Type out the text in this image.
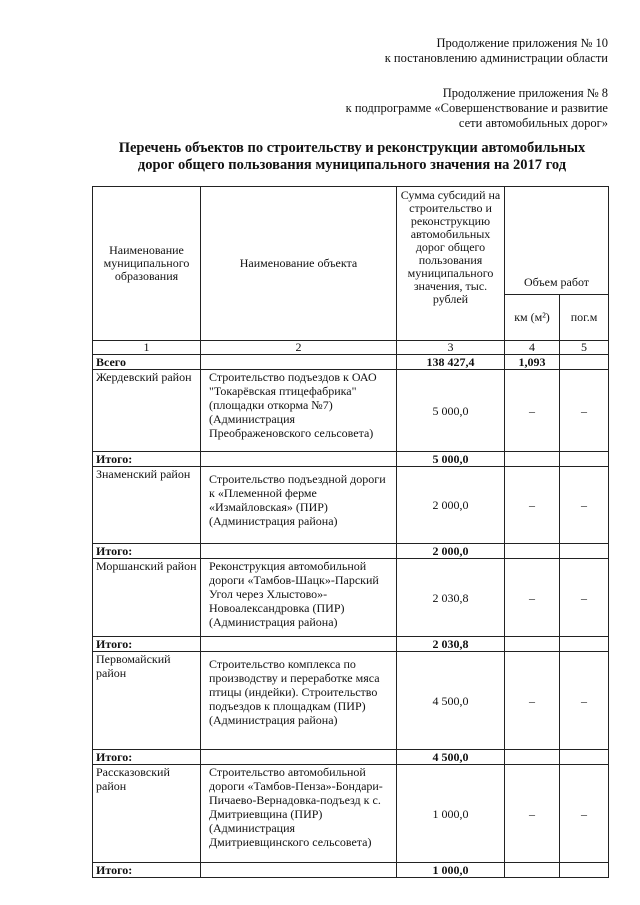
Продолжение приложения № 10
к постановлению администрации области
Продолжение приложения № 8
к подпрограмме «Совершенствование и развитие
сети автомобильных дорог»
Перечень объектов по строительству и реконструкции автомобильных
дорог общего пользования муниципального значения на 2017 год
Наименование муниципального образования	Наименование объекта	Сумма субсидий на строительство и реконструкцию автомобильных дорог общего пользования муниципального значения, тыс. рублей	Объем работ	
			км (м²)	пог.м
1	2	3	4	5
Всего		138 427,4	1,093	
Жердевский район	Строительство подъездов к ОАО "Токарёвская птицефабрика" (площадки откорма №7) (Администрация Преображеновского сельсовета)	5 000,0	–	–
Итого:		5 000,0		
Знаменский район	Строительство подъездной дороги к «Племенной ферме «Измайловская» (ПИР) (Администрация района)	2 000,0	–	–
Итого:		2 000,0		
Моршанский район	Реконструкция автомобильной дороги «Тамбов-Шацк»-Парский Угол через Хлыстово»-Новоалександровка (ПИР) (Администрация района)	2 030,8	–	–
Итого:		2 030,8		
Первомайский район	Строительство комплекса по производству и переработке мяса птицы (индейки). Строительство подъездов к площадкам (ПИР) (Администрация района)	4 500,0	–	–
Итого:		4 500,0		
Рассказовский район	Строительство автомобильной дороги «Тамбов-Пенза»-Бондари-Пичаево-Вернадовка-подъезд к с. Дмитриевщина (ПИР) (Администрация Дмитриевщинского сельсовета)	1 000,0	–	–
Итого:		1 000,0		
